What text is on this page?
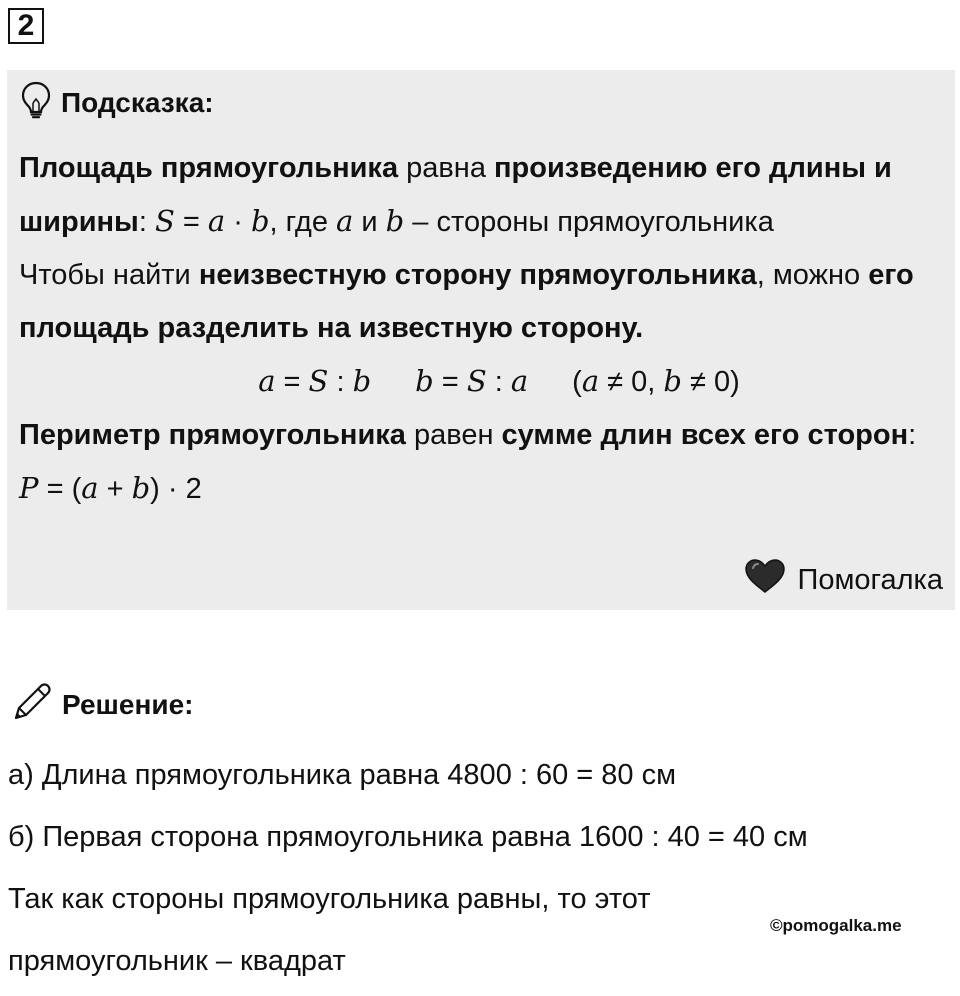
2
Подсказка:

Площадь прямоугольника равна произведению его длины и ширины: S = a · b, где a и b – стороны прямоугольника

Чтобы найти неизвестную сторону прямоугольника, можно его площадь разделить на известную сторону.

a = S : b b = S : a (a ≠ 0, b ≠ 0)

Периметр прямоугольника равен сумме длин всех его сторон: P = (a + b) · 2

Помогалка
Решение:

а) Длина прямоугольника равна 4800 : 60 = 80 см

б) Первая сторона прямоугольника равна 1600 : 40 = 40 см

Так как стороны прямоугольника равны, то этот

прямоугольник – квадрат

©pomogalka.me
